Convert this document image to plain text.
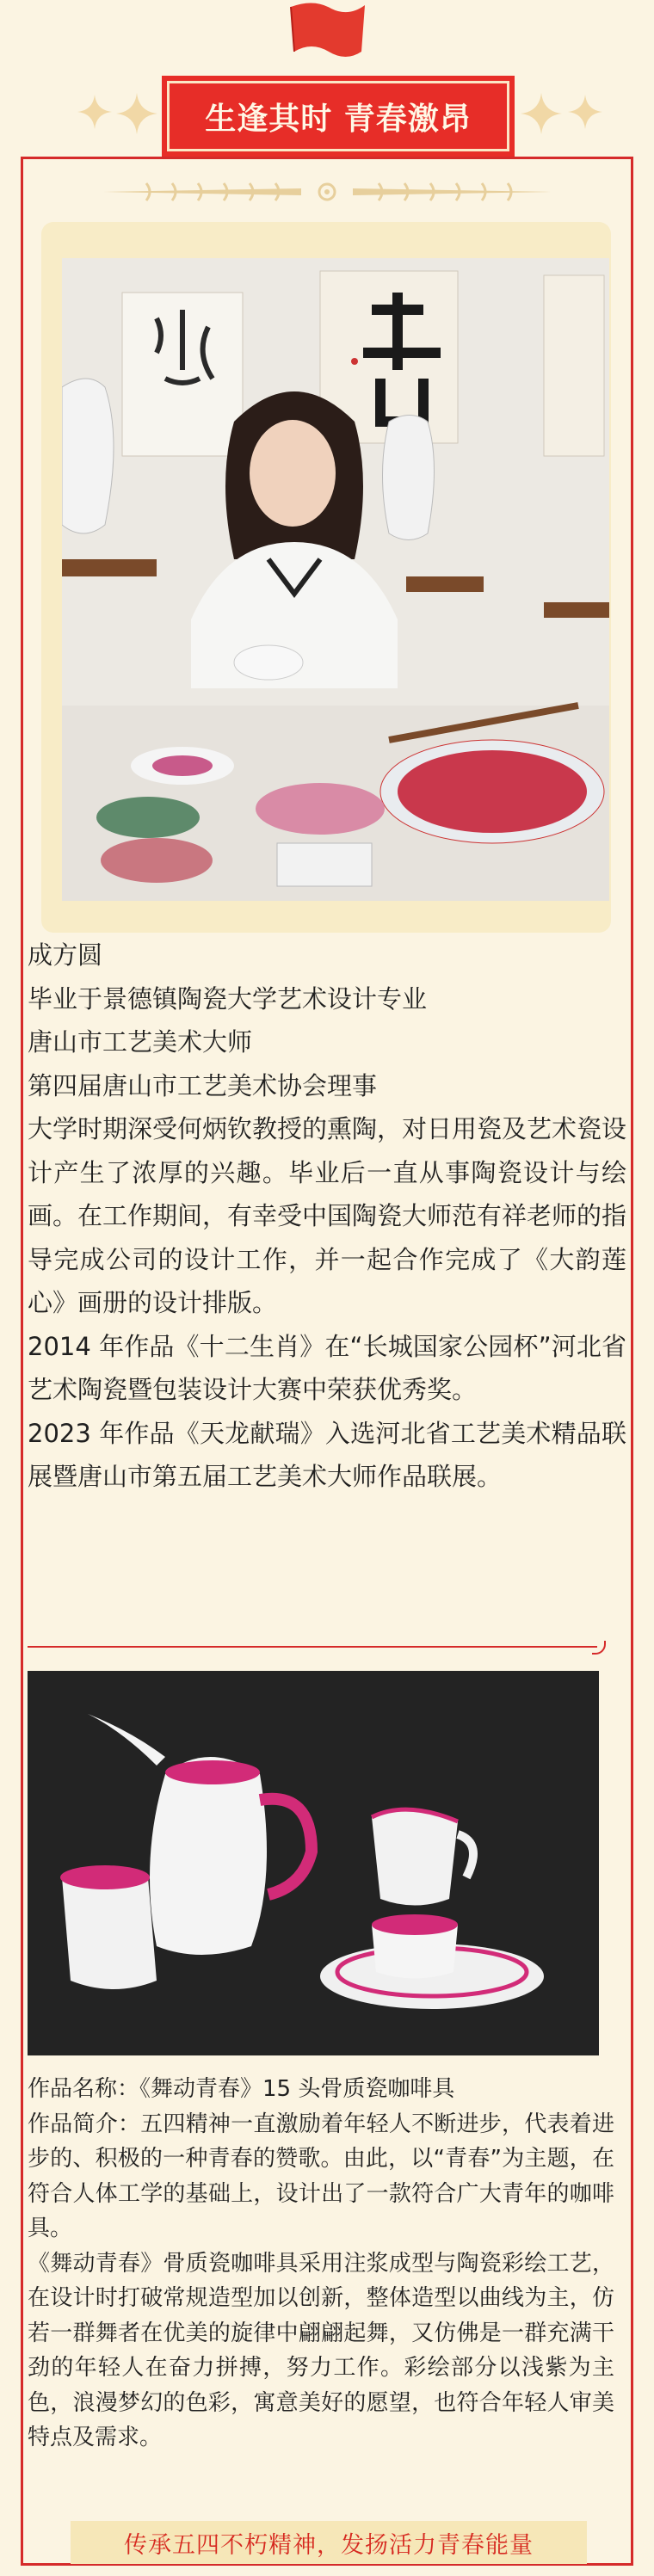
生逢其时 青春激昂

成方圆

毕业于景德镇陶瓷大学艺术设计专业

唐山市工艺美术大师

第四届唐山市工艺美术协会理事

大学时期深受何炳钦教授的熏陶，对日用瓷及艺术瓷设计产生了浓厚的兴趣。毕业后一直从事陶瓷设计与绘画。在工作期间，有幸受中国陶瓷大师范有祥老师的指导完成公司的设计工作，并一起合作完成了《大韵莲心》画册的设计排版。

2014 年作品《十二生肖》在“长城国家公园杯”河北省艺术陶瓷暨包装设计大赛中荣获优秀奖。

2023 年作品《天龙献瑞》入选河北省工艺美术精品联展暨唐山市第五届工艺美术大师作品联展。

作品名称：《舞动青春》15 头骨质瓷咖啡具

作品简介：五四精神一直激励着年轻人不断进步，代表着进步的、积极的一种青春的赞歌。由此，以“青春”为主题，在符合人体工学的基础上，设计出了一款符合广大青年的咖啡具。

《舞动青春》骨质瓷咖啡具采用注浆成型与陶瓷彩绘工艺，在设计时打破常规造型加以创新，整体造型以曲线为主，仿若一群舞者在优美的旋律中翩翩起舞，又仿佛是一群充满干劲的年轻人在奋力拼搏，努力工作。彩绘部分以浅紫为主色，浪漫梦幻的色彩，寓意美好的愿望，也符合年轻人审美特点及需求。

传承五四不朽精神，发扬活力青春能量
